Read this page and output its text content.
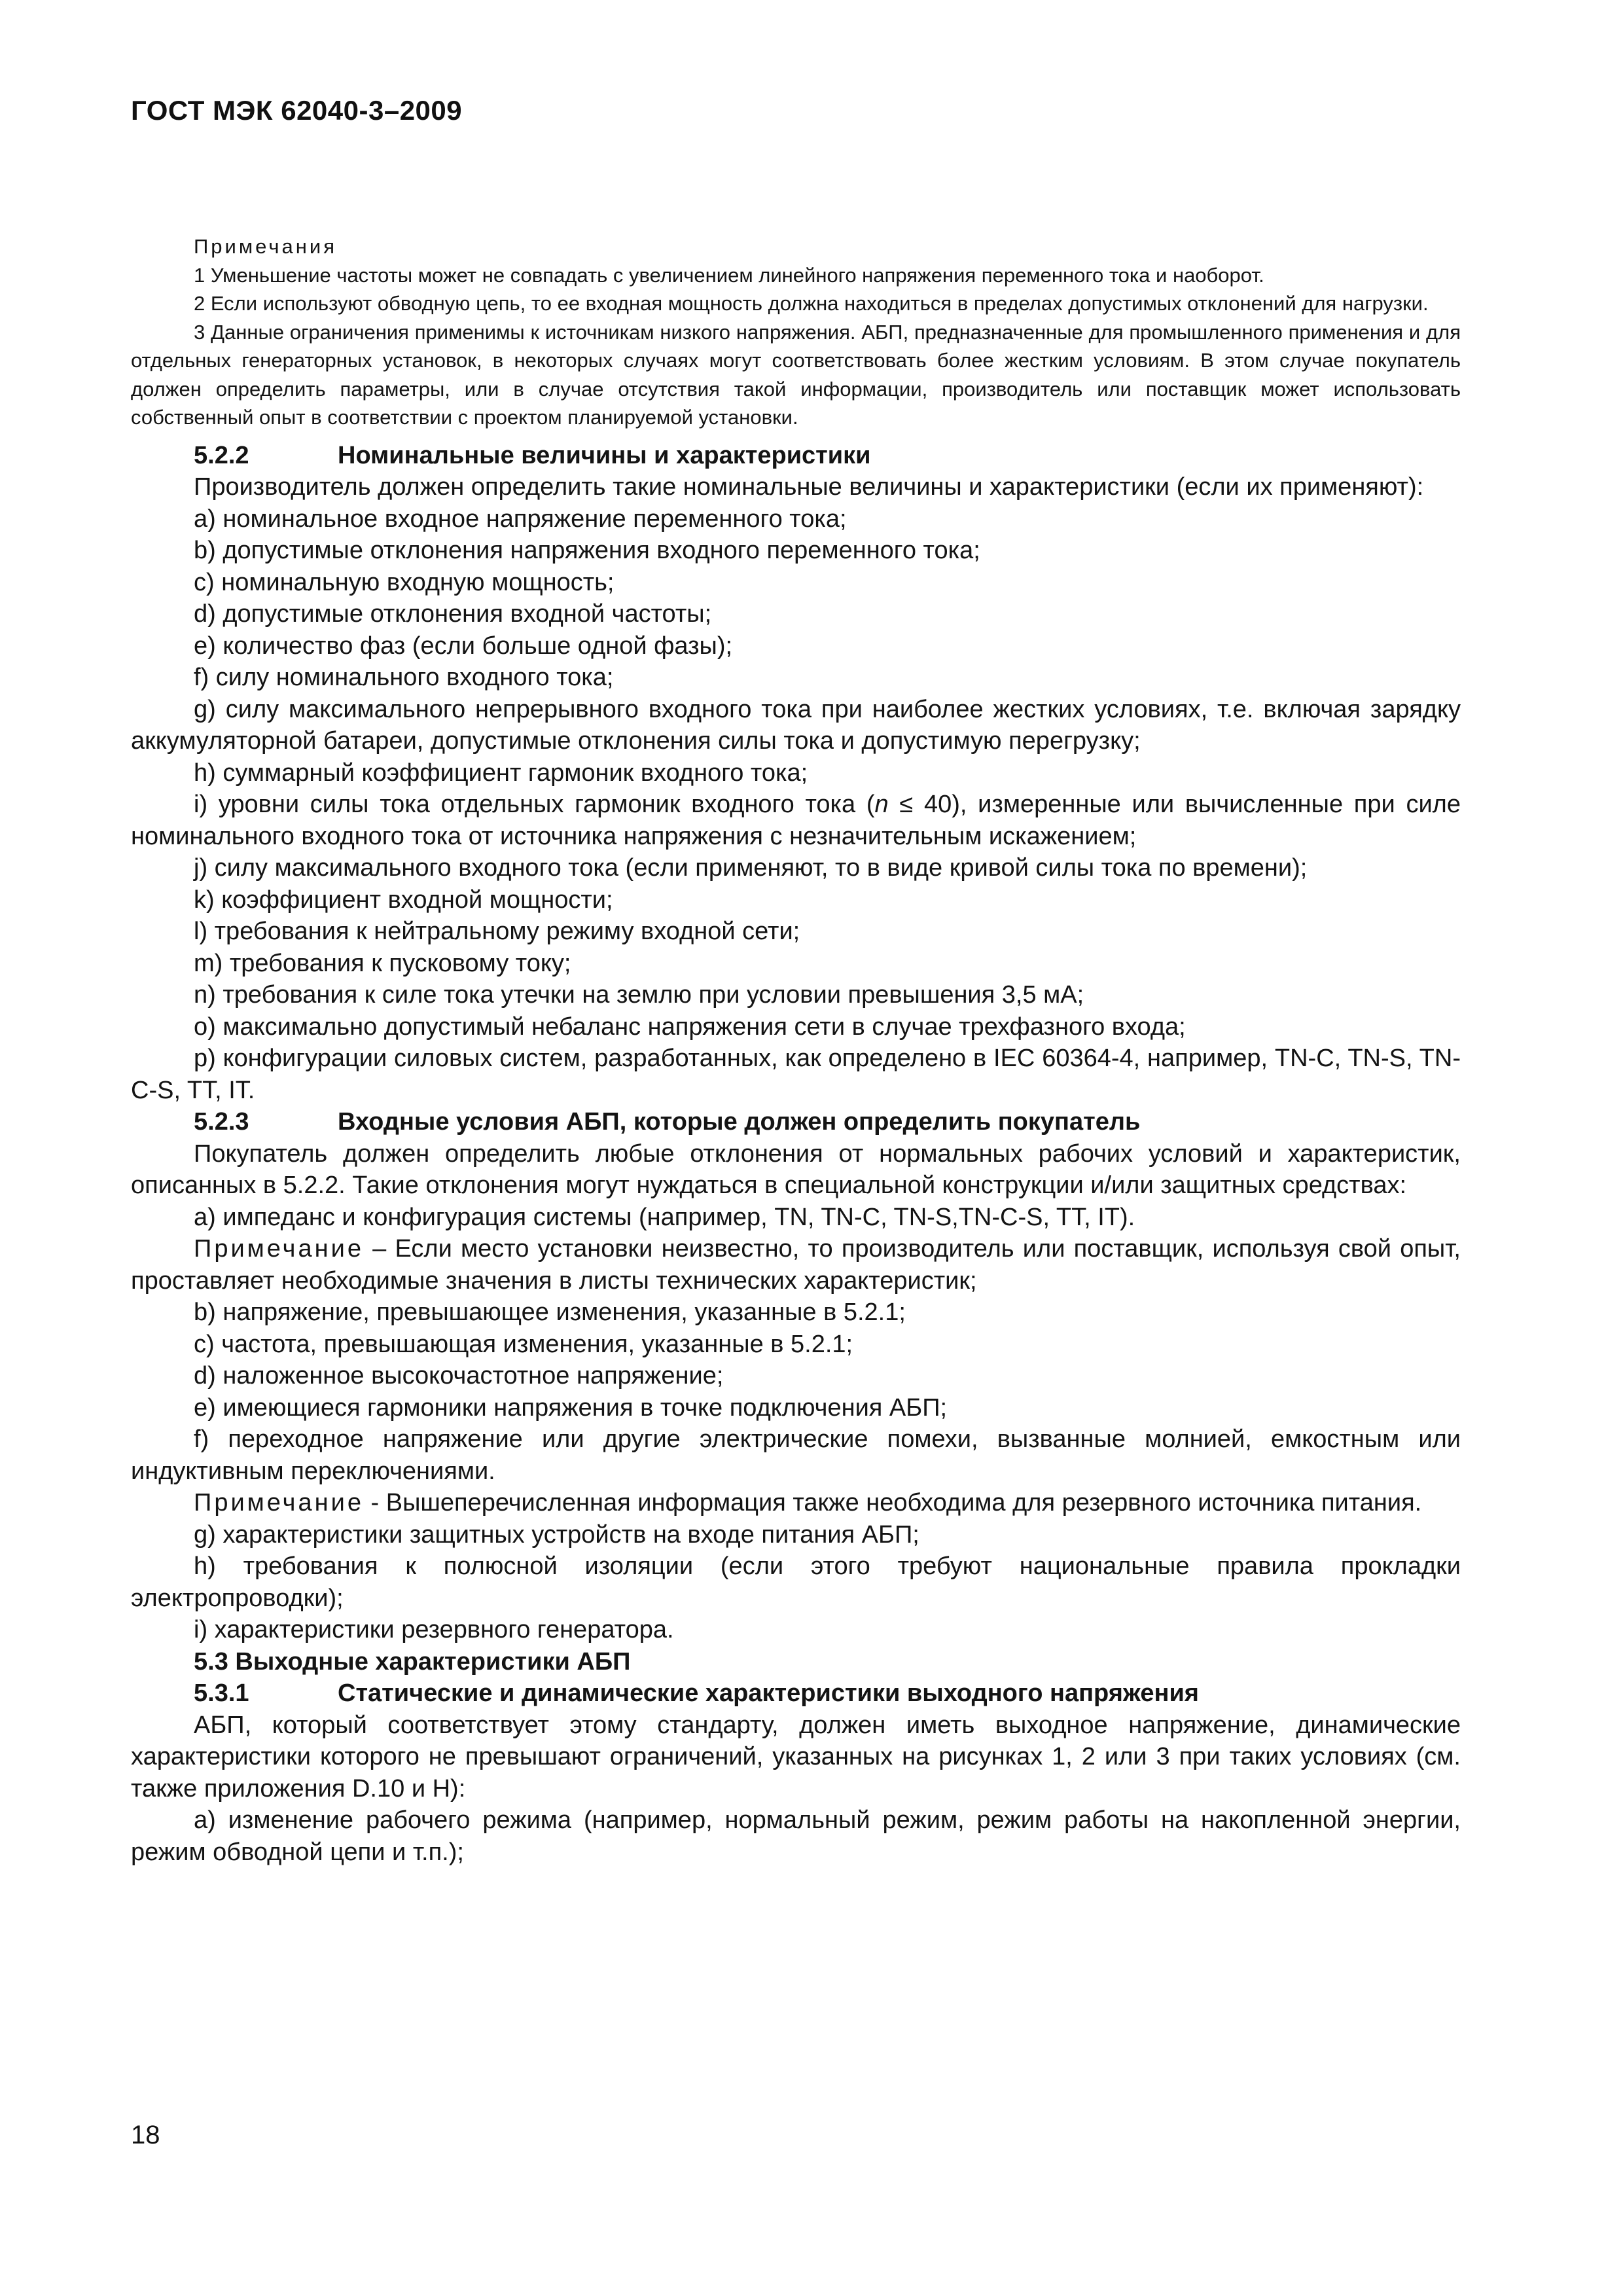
ГОСТ МЭК 62040-3–2009

Примечания

1 Уменьшение частоты может не совпадать с увеличением линейного напряжения переменного тока и наоборот.

2 Если используют обводную цепь, то ее входная мощность должна находиться в пределах допустимых отклонений для нагрузки.

3 Данные ограничения применимы к источникам низкого напряжения. АБП, предназначенные для промышленного применения и для отдельных генераторных установок, в некоторых случаях могут соответствовать более жестким условиям. В этом случае покупатель должен определить параметры, или в случае отсутствия такой информации, производитель или поставщик может использовать собственный опыт в соответствии с проектом планируемой установки.

5.2.2	Номинальные величины и характеристики

Производитель должен определить такие номинальные величины и характеристики (если их применяют):

a) номинальное входное напряжение переменного тока;

b) допустимые отклонения напряжения входного переменного тока;

c) номинальную входную мощность;

d) допустимые отклонения входной частоты;

e) количество фаз (если больше одной фазы);

f) силу номинального входного тока;

g) силу максимального непрерывного входного тока при наиболее жестких условиях, т.е. включая зарядку аккумуляторной батареи, допустимые отклонения силы тока и допустимую перегрузку;

h) суммарный коэффициент гармоник входного тока;

i) уровни силы тока отдельных гармоник входного тока (n ≤ 40), измеренные или вычисленные при силе номинального входного тока от источника напряжения с незначительным искажением;

j) силу максимального входного тока (если применяют, то в виде кривой силы тока по времени);

k) коэффициент входной мощности;

l) требования к нейтральному режиму входной сети;

m) требования к пусковому току;

n) требования к силе тока утечки на землю при условии превышения 3,5 мА;

o) максимально допустимый небаланс напряжения сети в случае трехфазного входа;

p) конфигурации силовых систем, разработанных, как определено в IEC 60364-4, например, TN-C, TN-S, TN-C-S, TT, IT.

5.2.3	Входные условия АБП, которые должен определить покупатель

Покупатель должен определить любые отклонения от нормальных рабочих условий и характеристик, описанных в 5.2.2. Такие отклонения могут нуждаться в специальной конструкции и/или защитных средствах:

a) импеданс и конфигурация системы (например, TN, TN-C, TN-S,TN-C-S, TT, IT).

Примечание – Если место установки неизвестно, то производитель или поставщик, используя свой опыт, проставляет необходимые значения в листы технических характеристик;

b) напряжение, превышающее изменения, указанные в 5.2.1;

c) частота, превышающая изменения, указанные в 5.2.1;

d) наложенное высокочастотное напряжение;

e) имеющиеся гармоники напряжения в точке подключения АБП;

f) переходное напряжение или другие электрические помехи, вызванные молнией, емкостным или индуктивным переключениями.

Примечание - Вышеперечисленная информация также необходима для резервного источника питания.

g) характеристики защитных устройств на входе питания АБП;

h) требования к полюсной изоляции (если этого требуют национальные правила прокладки электропроводки);

i) характеристики резервного генератора.

5.3 Выходные характеристики АБП

5.3.1	Статические и динамические характеристики выходного напряжения

АБП, который соответствует этому стандарту, должен иметь выходное напряжение, динамические характеристики которого не превышают ограничений, указанных на рисунках 1, 2 или 3 при таких условиях (см. также приложения D.10 и Н):

a) изменение рабочего режима (например, нормальный режим, режим работы на накопленной энергии, режим обводной цепи и т.п.);

18
